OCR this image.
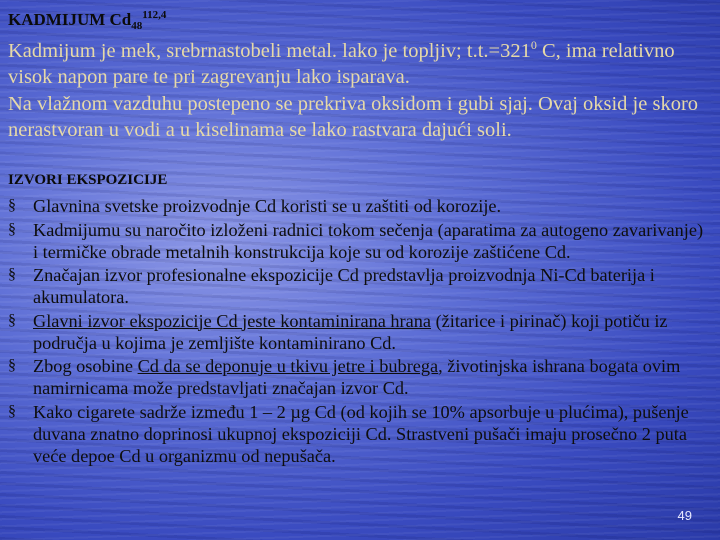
KADMIJUM $Cd_{48}^{112,4}$

Kadmijum je mek, srebrnastobeli metal. lako je topljiv; $t.t.=321^0$ C, ima relativno visok napon pare te pri zagrevanju lako isparava.

Na vlažnom vazduhu postepeno se prekriva oksidom i gubi sjaj. Ovaj oksid je skoro nerastvoran u vodi a u kiselinama se lako rastvara dajući soli.

IZVORI EKSPOZICIJE
§ Glavnina svetske proizvodnje Cd koristi se u zaštiti od korozije.
§ Kadmijumu su naročito izloženi radnici tokom sečenja (aparatima za autogeno zavarivanje) i termičke obrade metalnih konstrukcija koje su od korozije zaštićene Cd.
§ Značajan izvor profesionalne ekspozicije Cd predstavlja proizvodnja Ni-Cd baterija i akumulatora.
§ Glavni izvor ekspozicije Cd jeste kontaminirana hrana (žitarice i pirinač) koji potiču iz područja u kojima je zemljište kontaminirano Cd.
§ Zbog osobine Cd da se deponuje u tkivu jetre i bubrega, životinjska ishrana bogata ovim namirnicama može predstavljati značajan izvor Cd.
§ Kako cigarete sadrže između 1 – 2 µg Cd (od kojih se 10% apsorbuje u plućima), pušenje duvana znatno doprinosi ukupnoj ekspoziciji Cd. Strastveni pušači imaju prosečno 2 puta veće depoe Cd u organizmu od nepušača.
49
